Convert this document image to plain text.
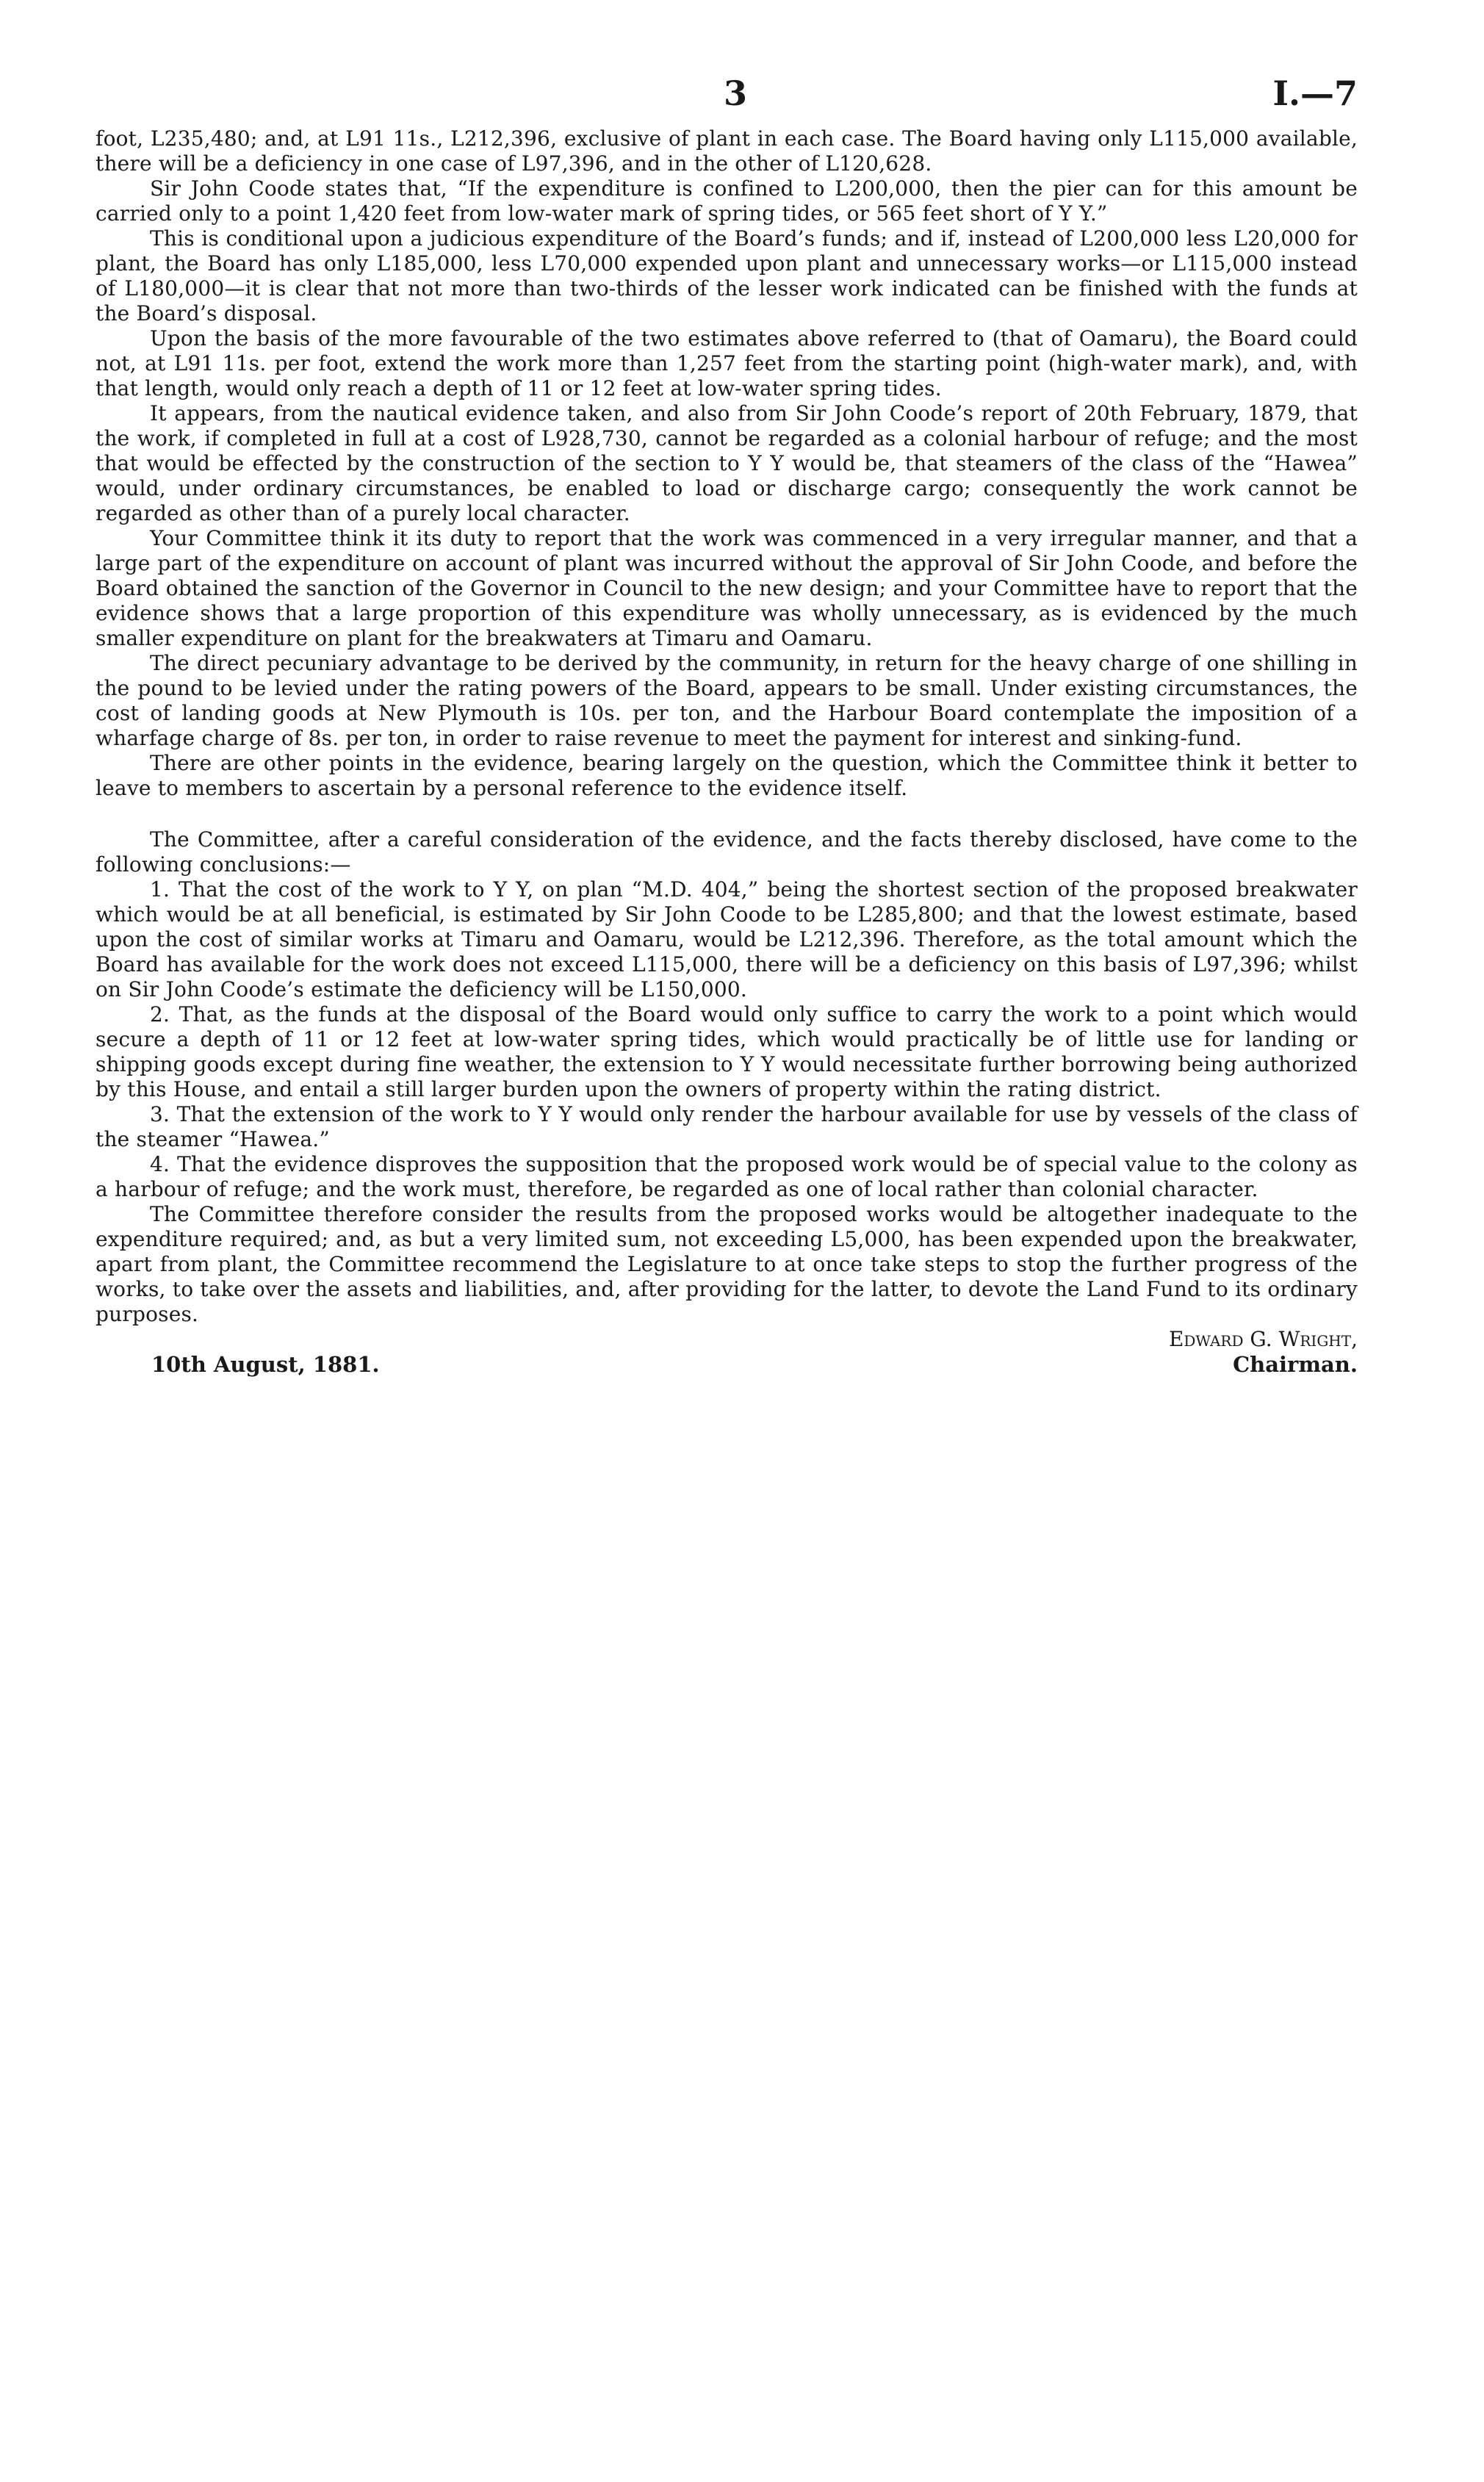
3	I.—7

foot, L235,480; and, at L91 11s., L212,396, exclusive of plant in each case. The Board having only L115,000 available, there will be a deficiency in one case of L97,396, and in the other of L120,628.

Sir John Coode states that, “If the expenditure is confined to L200,000, then the pier can for this amount be carried only to a point 1,420 feet from low-water mark of spring tides, or 565 feet short of Y Y.”

This is conditional upon a judicious expenditure of the Board’s funds; and if, instead of L200,000 less L20,000 for plant, the Board has only L185,000, less L70,000 expended upon plant and unnecessary works—or L115,000 instead of L180,000—it is clear that not more than two-thirds of the lesser work indicated can be finished with the funds at the Board’s disposal.

Upon the basis of the more favourable of the two estimates above referred to (that of Oamaru), the Board could not, at L91 11s. per foot, extend the work more than 1,257 feet from the starting point (high-water mark), and, with that length, would only reach a depth of 11 or 12 feet at low-water spring tides.

It appears, from the nautical evidence taken, and also from Sir John Coode’s report of 20th February, 1879, that the work, if completed in full at a cost of L928,730, cannot be regarded as a colonial harbour of refuge; and the most that would be effected by the construction of the section to Y Y would be, that steamers of the class of the “Hawea” would, under ordinary circumstances, be enabled to load or discharge cargo; consequently the work cannot be regarded as other than of a purely local character.

Your Committee think it its duty to report that the work was commenced in a very irregular manner, and that a large part of the expenditure on account of plant was incurred without the approval of Sir John Coode, and before the Board obtained the sanction of the Governor in Council to the new design; and your Committee have to report that the evidence shows that a large proportion of this expenditure was wholly unnecessary, as is evidenced by the much smaller expenditure on plant for the breakwaters at Timaru and Oamaru.

The direct pecuniary advantage to be derived by the community, in return for the heavy charge of one shilling in the pound to be levied under the rating powers of the Board, appears to be small. Under existing circumstances, the cost of landing goods at New Plymouth is 10s. per ton, and the Harbour Board contemplate the imposition of a wharfage charge of 8s. per ton, in order to raise revenue to meet the payment for interest and sinking-fund.

There are other points in the evidence, bearing largely on the question, which the Committee think it better to leave to members to ascertain by a personal reference to the evidence itself.

The Committee, after a careful consideration of the evidence, and the facts thereby disclosed, have come to the following conclusions:—

1. That the cost of the work to Y Y, on plan “M.D. 404,” being the shortest section of the proposed breakwater which would be at all beneficial, is estimated by Sir John Coode to be L285,800; and that the lowest estimate, based upon the cost of similar works at Timaru and Oamaru, would be L212,396. Therefore, as the total amount which the Board has available for the work does not exceed L115,000, there will be a deficiency on this basis of L97,396; whilst on Sir John Coode’s estimate the deficiency will be L150,000.

2. That, as the funds at the disposal of the Board would only suffice to carry the work to a point which would secure a depth of 11 or 12 feet at low-water spring tides, which would practically be of little use for landing or shipping goods except during fine weather, the extension to Y Y would necessitate further borrowing being authorized by this House, and entail a still larger burden upon the owners of property within the rating district.

3. That the extension of the work to Y Y would only render the harbour available for use by vessels of the class of the steamer “Hawea.”

4. That the evidence disproves the supposition that the proposed work would be of special value to the colony as a harbour of refuge; and the work must, therefore, be regarded as one of local rather than colonial character.

The Committee therefore consider the results from the proposed works would be altogether inadequate to the expenditure required; and, as but a very limited sum, not exceeding L5,000, has been expended upon the breakwater, apart from plant, the Committee recommend the Legislature to at once take steps to stop the further progress of the works, to take over the assets and liabilities, and, after providing for the latter, to devote the Land Fund to its ordinary purposes.

Edward G. Wright,
10th August, 1881.	Chairman.
